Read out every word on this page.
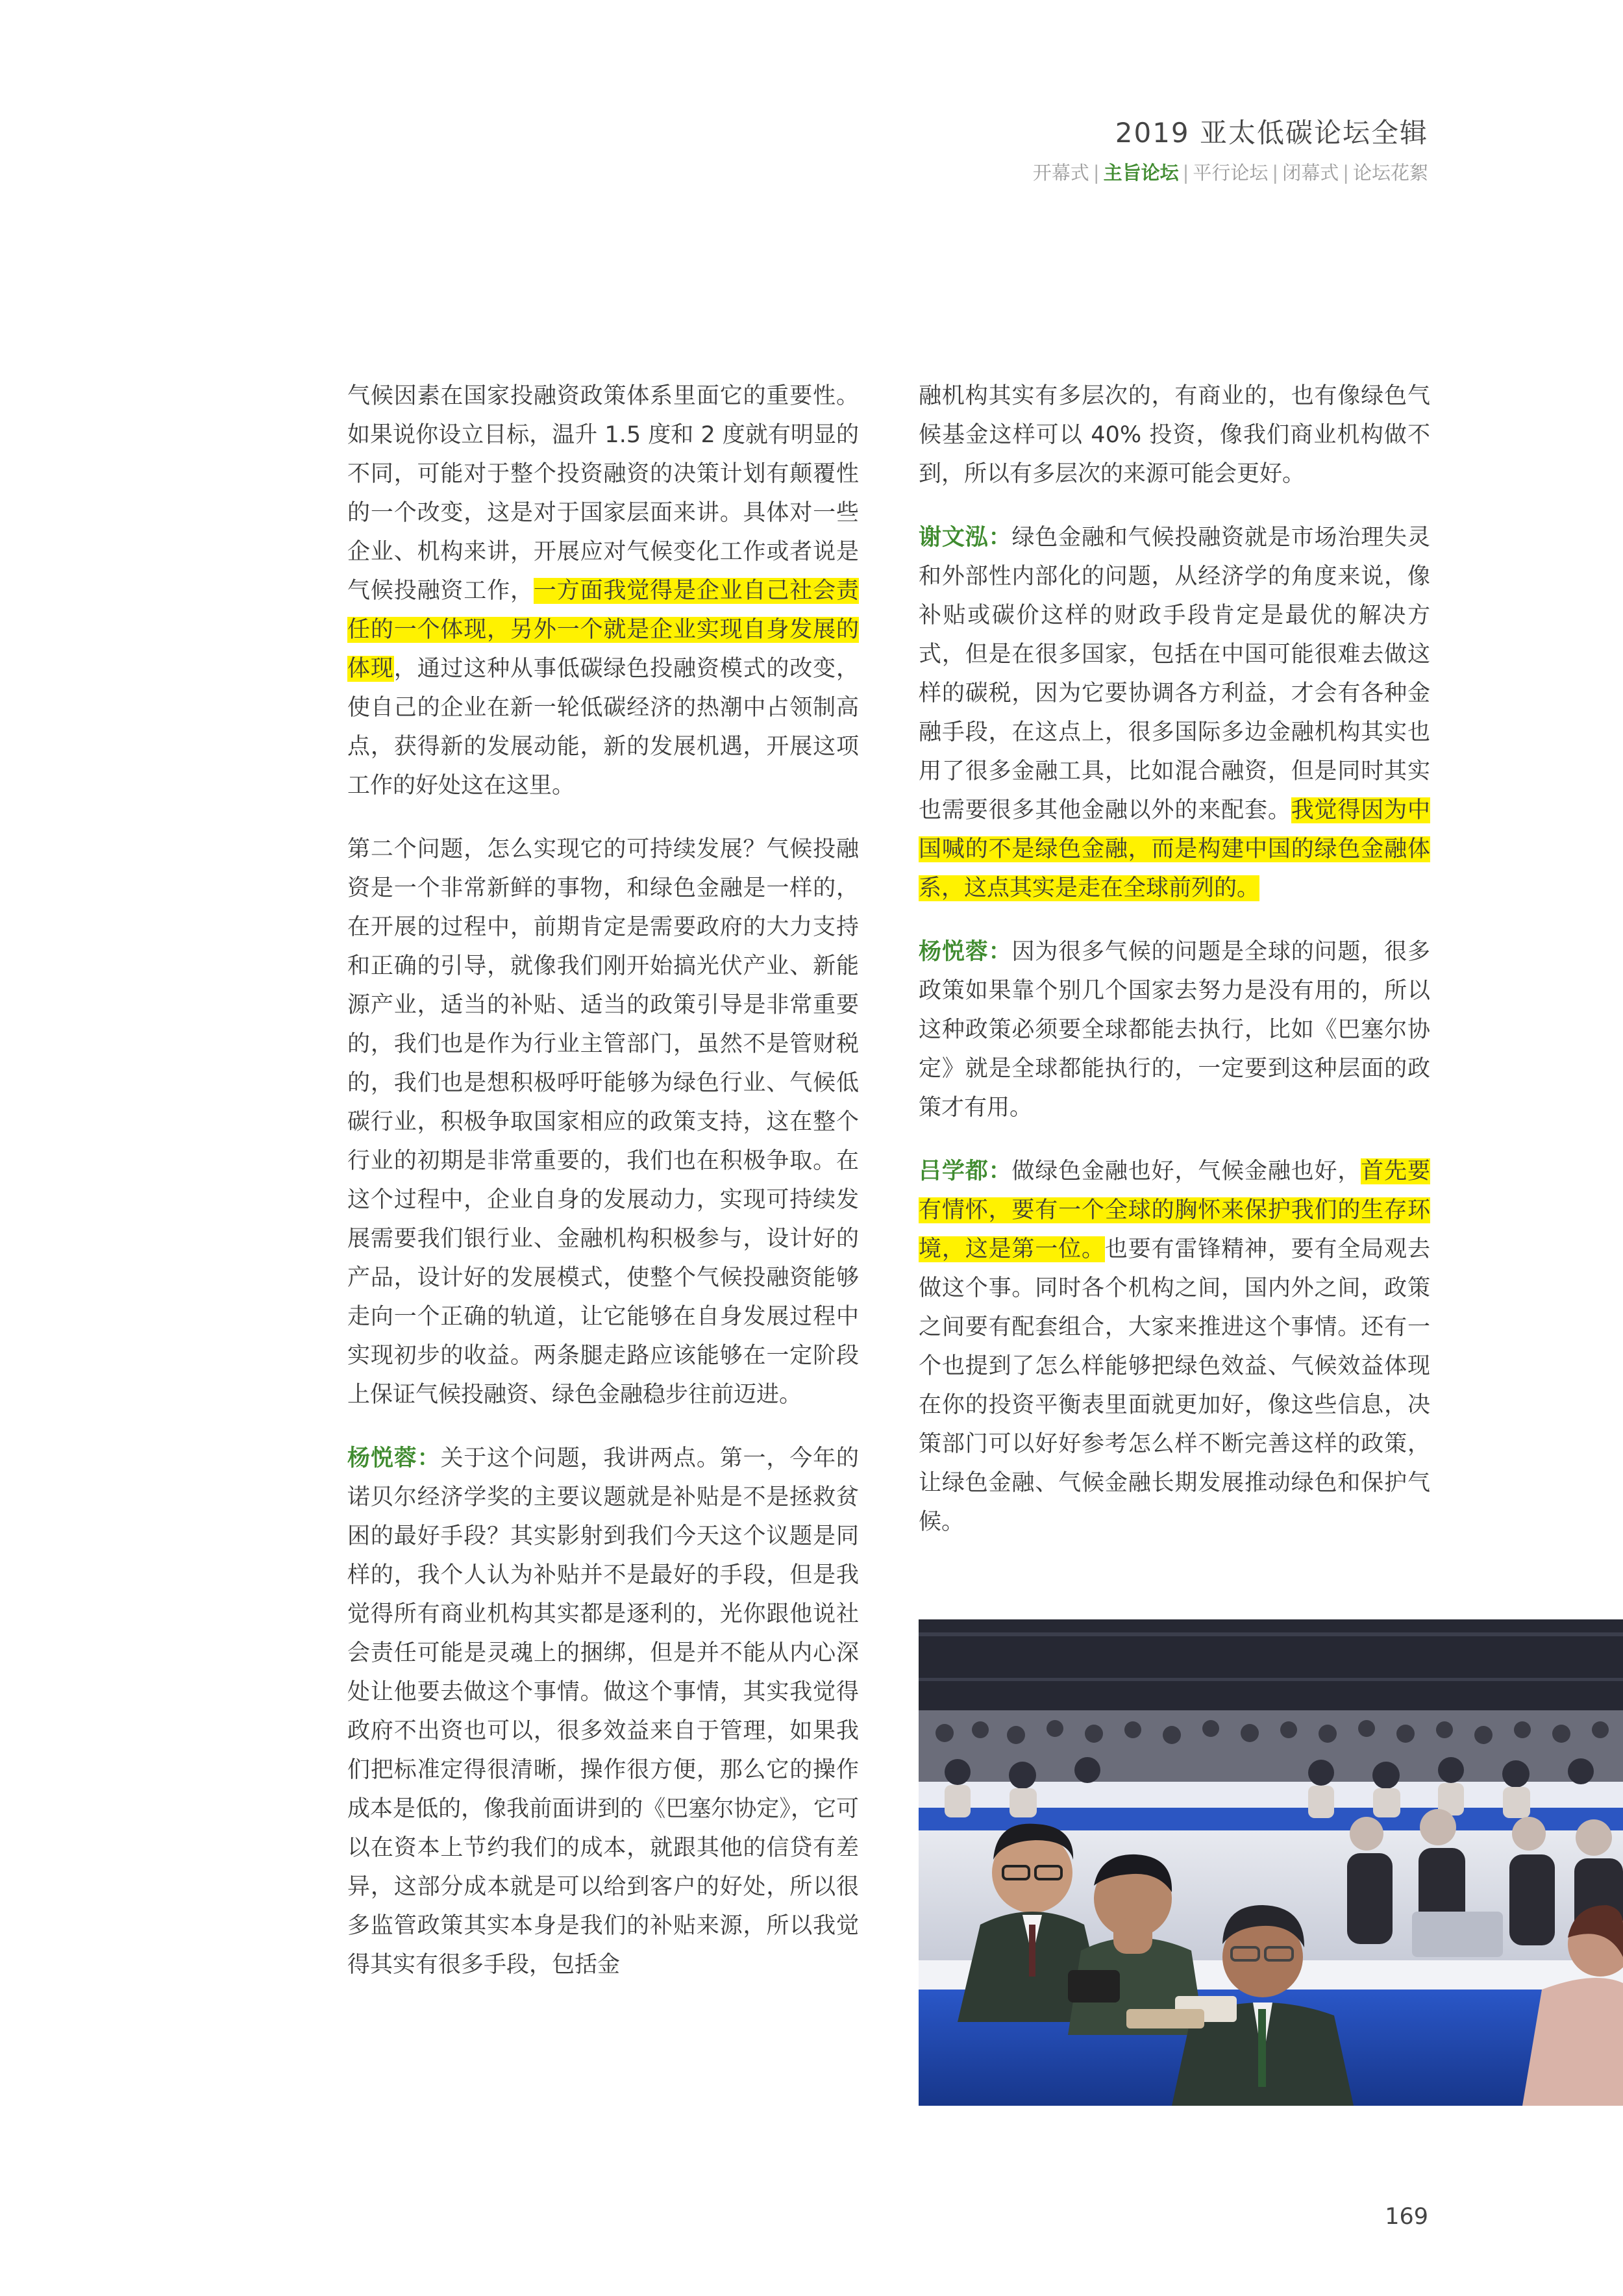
2019 亚太低碳论坛全辑
开幕式 | 主旨论坛 | 平行论坛 | 闭幕式 | 论坛花絮

气候因素在国家投融资政策体系里面它的重要性。如果说你设立目标，温升 1.5 度和 2 度就有明显的不同，可能对于整个投资融资的决策计划有颠覆性的一个改变，这是对于国家层面来讲。具体对一些企业、机构来讲，开展应对气候变化工作或者说是气候投融资工作，一方面我觉得是企业自己社会责任的一个体现，另外一个就是企业实现自身发展的体现，通过这种从事低碳绿色投融资模式的改变，使自己的企业在新一轮低碳经济的热潮中占领制高点，获得新的发展动能，新的发展机遇，开展这项工作的好处这在这里。

第二个问题，怎么实现它的可持续发展？气候投融资是一个非常新鲜的事物，和绿色金融是一样的，在开展的过程中，前期肯定是需要政府的大力支持和正确的引导，就像我们刚开始搞光伏产业、新能源产业，适当的补贴、适当的政策引导是非常重要的，我们也是作为行业主管部门，虽然不是管财税的，我们也是想积极呼吁能够为绿色行业、气候低碳行业，积极争取国家相应的政策支持，这在整个行业的初期是非常重要的，我们也在积极争取。在这个过程中，企业自身的发展动力，实现可持续发展需要我们银行业、金融机构积极参与，设计好的产品，设计好的发展模式，使整个气候投融资能够走向一个正确的轨道，让它能够在自身发展过程中实现初步的收益。两条腿走路应该能够在一定阶段上保证气候投融资、绿色金融稳步往前迈进。

杨悦蓉：关于这个问题，我讲两点。第一，今年的诺贝尔经济学奖的主要议题就是补贴是不是拯救贫困的最好手段？其实影射到我们今天这个议题是同样的，我个人认为补贴并不是最好的手段，但是我觉得所有商业机构其实都是逐利的，光你跟他说社会责任可能是灵魂上的捆绑，但是并不能从内心深处让他要去做这个事情。做这个事情，其实我觉得政府不出资也可以，很多效益来自于管理，如果我们把标准定得很清晰，操作很方便，那么它的操作成本是低的，像我前面讲到的《巴塞尔协定》，它可以在资本上节约我们的成本，就跟其他的信贷有差异，这部分成本就是可以给到客户的好处，所以很多监管政策其实本身是我们的补贴来源，所以我觉得其实有很多手段，包括金

融机构其实有多层次的，有商业的，也有像绿色气候基金这样可以 40% 投资，像我们商业机构做不到，所以有多层次的来源可能会更好。

谢文泓：绿色金融和气候投融资就是市场治理失灵和外部性内部化的问题，从经济学的角度来说，像补贴或碳价这样的财政手段肯定是最优的解决方式，但是在很多国家，包括在中国可能很难去做这样的碳税，因为它要协调各方利益，才会有各种金融手段，在这点上，很多国际多边金融机构其实也用了很多金融工具，比如混合融资，但是同时其实也需要很多其他金融以外的来配套。我觉得因为中国喊的不是绿色金融，而是构建中国的绿色金融体系，这点其实是走在全球前列的。

杨悦蓉：因为很多气候的问题是全球的问题，很多政策如果靠个别几个国家去努力是没有用的，所以这种政策必须要全球都能去执行，比如《巴塞尔协定》就是全球都能执行的，一定要到这种层面的政策才有用。

吕学都：做绿色金融也好，气候金融也好，首先要有情怀，要有一个全球的胸怀来保护我们的生存环境，这是第一位。也要有雷锋精神，要有全局观去做这个事。同时各个机构之间，国内外之间，政策之间要有配套组合，大家来推进这个事情。还有一个也提到了怎么样能够把绿色效益、气候效益体现在你的投资平衡表里面就更加好，像这些信息，决策部门可以好好参考怎么样不断完善这样的政策，让绿色金融、气候金融长期发展推动绿色和保护气候。

169
